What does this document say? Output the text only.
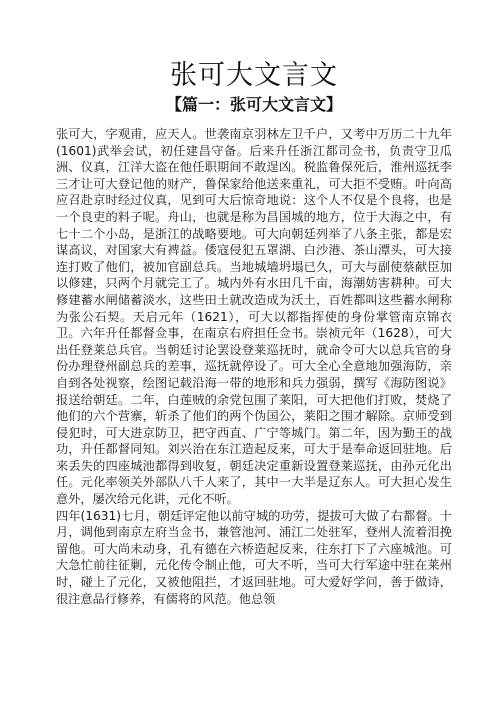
张可大文言文
【篇一：张可大文言文】

张可大，字观甫，应天人。世袭南京羽林左卫千户，又考中万历二十九年(1601)武举会试，初任建昌守备。后来升任浙江都司佥书，负责守卫瓜洲、仪真，江洋大盗在他任职期间不敢逞凶。税监鲁保死后，淮州巡抚李三才让可大登记他的财产，鲁保家给他送来重礼，可大拒不受贿。叶向高应召赴京时经过仪真，见到可大后惊奇地说：这个人不仅是个良将，也是一个良吏的料子呢。舟山，也就是称为昌国城的地方，位于大海之中，有七十二个小岛，是浙江的战略要地。可大向朝廷列举了八条主张，都是宏谋高议，对国家大有裨益。倭寇侵犯五罩湖、白沙港、茶山潭头，可大接连打败了他们，被加官副总兵。当地城墙坍塌已久，可大与副使蔡献臣加以修建，只两个月就完工了。城内外有水田几千亩，海潮妨害耕种。可大修建蓄水闸储蓄淡水，这些田土就改造成为沃土，百姓都叫这些蓄水闸称为张公石契。天启元年（1621），可大以都指挥使的身份掌管南京锦衣卫。六年升任都督佥事，在南京右府担任佥书。崇祯元年（1628），可大出任登莱总兵官。当朝廷讨论罢设登莱巡抚时，就命令可大以总兵官的身份办理登州副总兵的差事，巡抚就停设了。可大全心全意地加强海防，亲自到各处视察，绘图记载沿海一带的地形和兵力强弱，撰写《海防图说》报送给朝廷。二年，白莲贼的余党包围了莱阳，可大把他们打败，焚烧了他们的六个营寨，斩杀了他们的两个伪国公，莱阳之围才解除。京师受到侵犯时，可大进京防卫，把守西直、广宁等城门。第二年，因为勤王的战功，升任都督同知。刘兴治在东江造起反来，可大于是奉命返回驻地。后来丢失的四座城池都得到收复，朝廷决定重新设置登莱巡抚，由孙元化出任。元化率领关外部队八千人来了，其中一大半是辽东人。可大担心发生意外，屡次给元化讲，元化不听。

四年(1631)七月，朝廷评定他以前守城的功劳，提拔可大做了右都督。十月，调他到南京左府当佥书，兼管池河、浦江二处驻军，登州人流着泪挽留他。可大尚未动身，孔有德在六桥造起反来，往东打下了六座城池。可大急忙前往征剿，元化传令制止他，可大不听，当可大行军途中驻在莱州时，碰上了元化，又被他阻拦，才返回驻地。可大爱好学问，善于做诗，很注意品行修养，有儒将的风范。他总领
